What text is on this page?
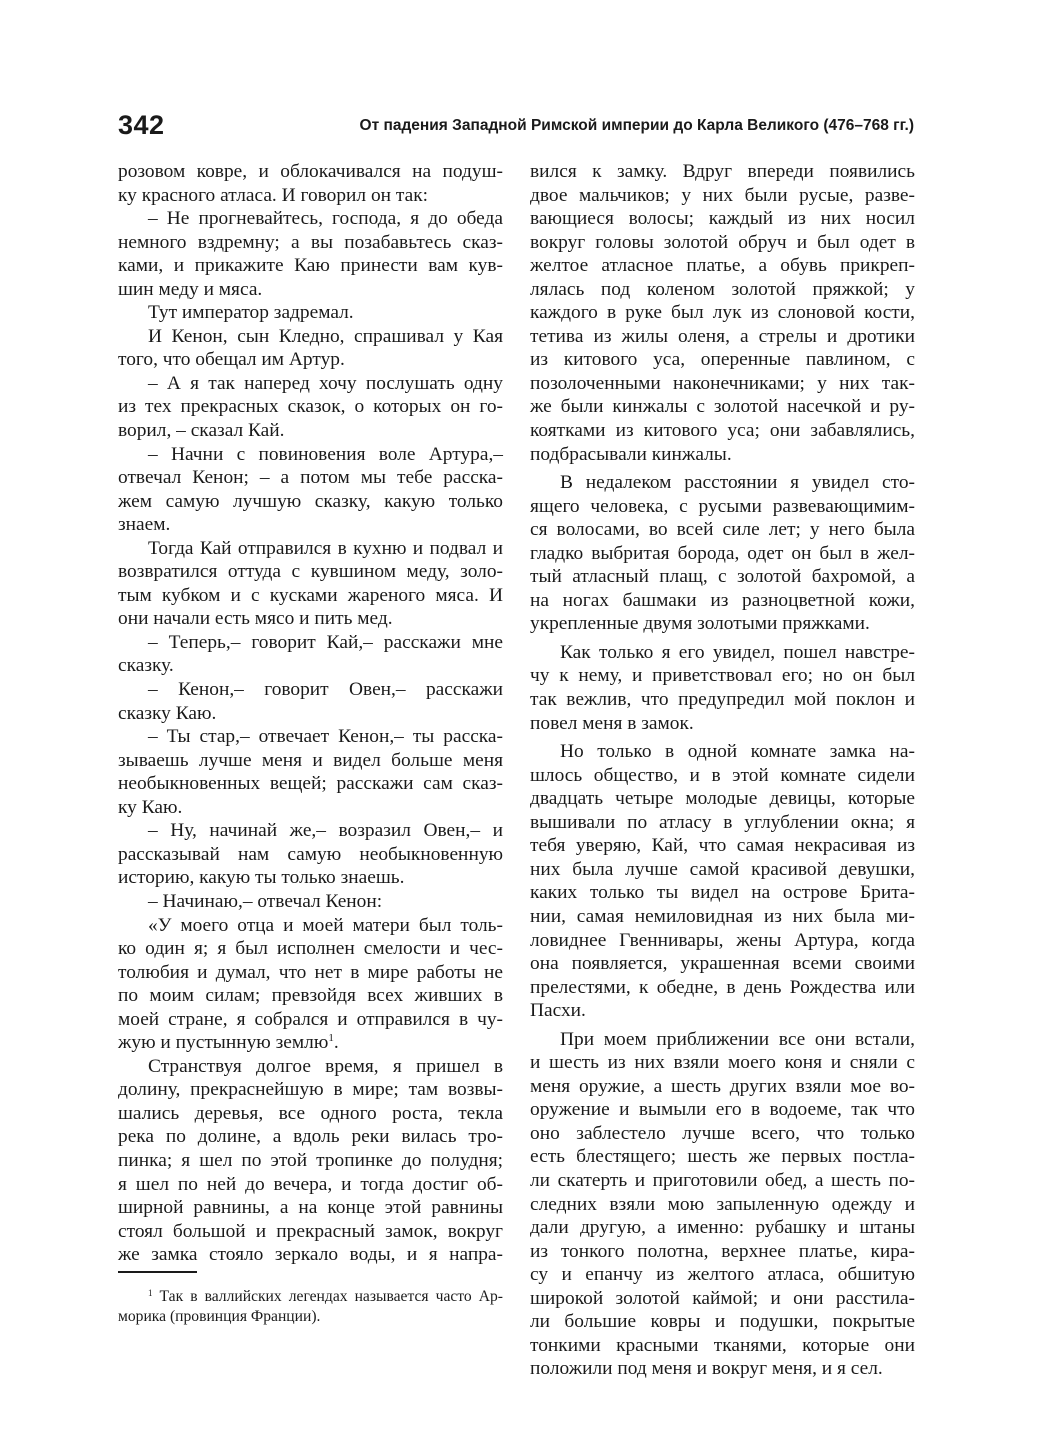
342	От падения Западной Римской империи до Карла Великого (476–768 гг.)
розовом ковре, и облокачивался на подуш-
ку красного атласа. И говорил он так:
– Не прогневайтесь, господа, я до обеда
немного вздремну; а вы позабавьтесь сказ-
ками, и прикажите Каю принести вам кув-
шин меду и мяса.
Тут император задремал.
И Кенон, сын Кледно, спрашивал у Кая
того, что обещал им Артур.
– А я так наперед хочу послушать одну
из тех прекрасных сказок, о которых он го-
ворил, – сказал Кай.
– Начни с повиновения воле Артура,–
отвечал Кенон; – а потом мы тебе расска-
жем самую лучшую сказку, какую только
знаем.
Тогда Кай отправился в кухню и подвал и
возвратился оттуда с кувшином меду, золо-
тым кубком и с кусками жареного мяса. И
они начали есть мясо и пить мед.
– Теперь,– говорит Кай,– расскажи мне
сказку.
– Кенон,– говорит Овен,– расскажи
сказку Каю.
– Ты стар,– отвечает Кенон,– ты расска-
зываешь лучше меня и видел больше меня
необыкновенных вещей; расскажи сам сказ-
ку Каю.
– Ну, начинай же,– возразил Овен,– и
рассказывай нам самую необыкновенную
историю, какую ты только знаешь.
– Начинаю,– отвечал Кенон:
«У моего отца и моей матери был толь-
ко один я; я был исполнен смелости и чес-
толюбия и думал, что нет в мире работы не
по моим силам; превзойдя всех живших в
моей стране, я собрался и отправился в чу-
жую и пустынную землю$^1$.
Странствуя долгое время, я пришел в
долину, прекраснейшую в мире; там возвы-
шались деревья, все одного роста, текла
река по долине, а вдоль реки вилась тро-
пинка; я шел по этой тропинке до полудня;
я шел по ней до вечера, и тогда достиг об-
ширной равнины, а на конце этой равнины
стоял большой и прекрасный замок, вокруг
же замка стояло зеркало воды, и я напра-
вился к замку. Вдруг впереди появились
двое мальчиков; у них были русые, разве-
вающиеся волосы; каждый из них носил
вокруг головы золотой обруч и был одет в
желтое атласное платье, а обувь прикреп-
лялась под коленом золотой пряжкой; у
каждого в руке был лук из слоновой кости,
тетива из жилы оленя, а стрелы и дротики
из китового уса, оперенные павлином, с
позолоченными наконечниками; у них так-
же были кинжалы с золотой насечкой и ру-
коятками из китового уса; они забавлялись,
подбрасывали кинжалы.
В недалеком расстоянии я увидел сто-
ящего человека, с русыми развевающимим-
ся волосами, во всей силе лет; у него была
гладко выбритая борода, одет он был в жел-
тый атласный плащ, с золотой бахромой, а
на ногах башмаки из разноцветной кожи,
укрепленные двумя золотыми пряжками.
Как только я его увидел, пошел навстре-
чу к нему, и приветствовал его; но он был
так вежлив, что предупредил мой поклон и
повел меня в замок.
Но только в одной комнате замка на-
шлось общество, и в этой комнате сидели
двадцать четыре молодые девицы, которые
вышивали по атласу в углублении окна; я
тебя уверяю, Кай, что самая некрасивая из
них была лучше самой красивой девушки,
каких только ты видел на острове Брита-
нии, самая немиловидная из них была ми-
ловиднее Гвеннивары, жены Артура, когда
она появляется, украшенная всеми своими
прелестями, к обедне, в день Рождества или
Пасхи.
При моем приближении все они встали,
и шесть из них взяли моего коня и сняли с
меня оружие, а шесть других взяли мое во-
оружение и вымыли его в водоеме, так что
оно заблестело лучше всего, что только
есть блестящего; шесть же первых постла-
ли скатерть и приготовили обед, а шесть по-
следних взяли мою запыленную одежду и
дали другую, а именно: рубашку и штаны
из тонкого полотна, верхнее платье, кира-
су и епанчу из желтого атласа, обшитую
широкой золотой каймой; и они расстила-
ли большие ковры и подушки, покрытые
тонкими красными тканями, которые они
положили под меня и вокруг меня, и я сел.
$^1$ Так в валлийских легендах называется часто Ар-
морика (провинция Франции).
